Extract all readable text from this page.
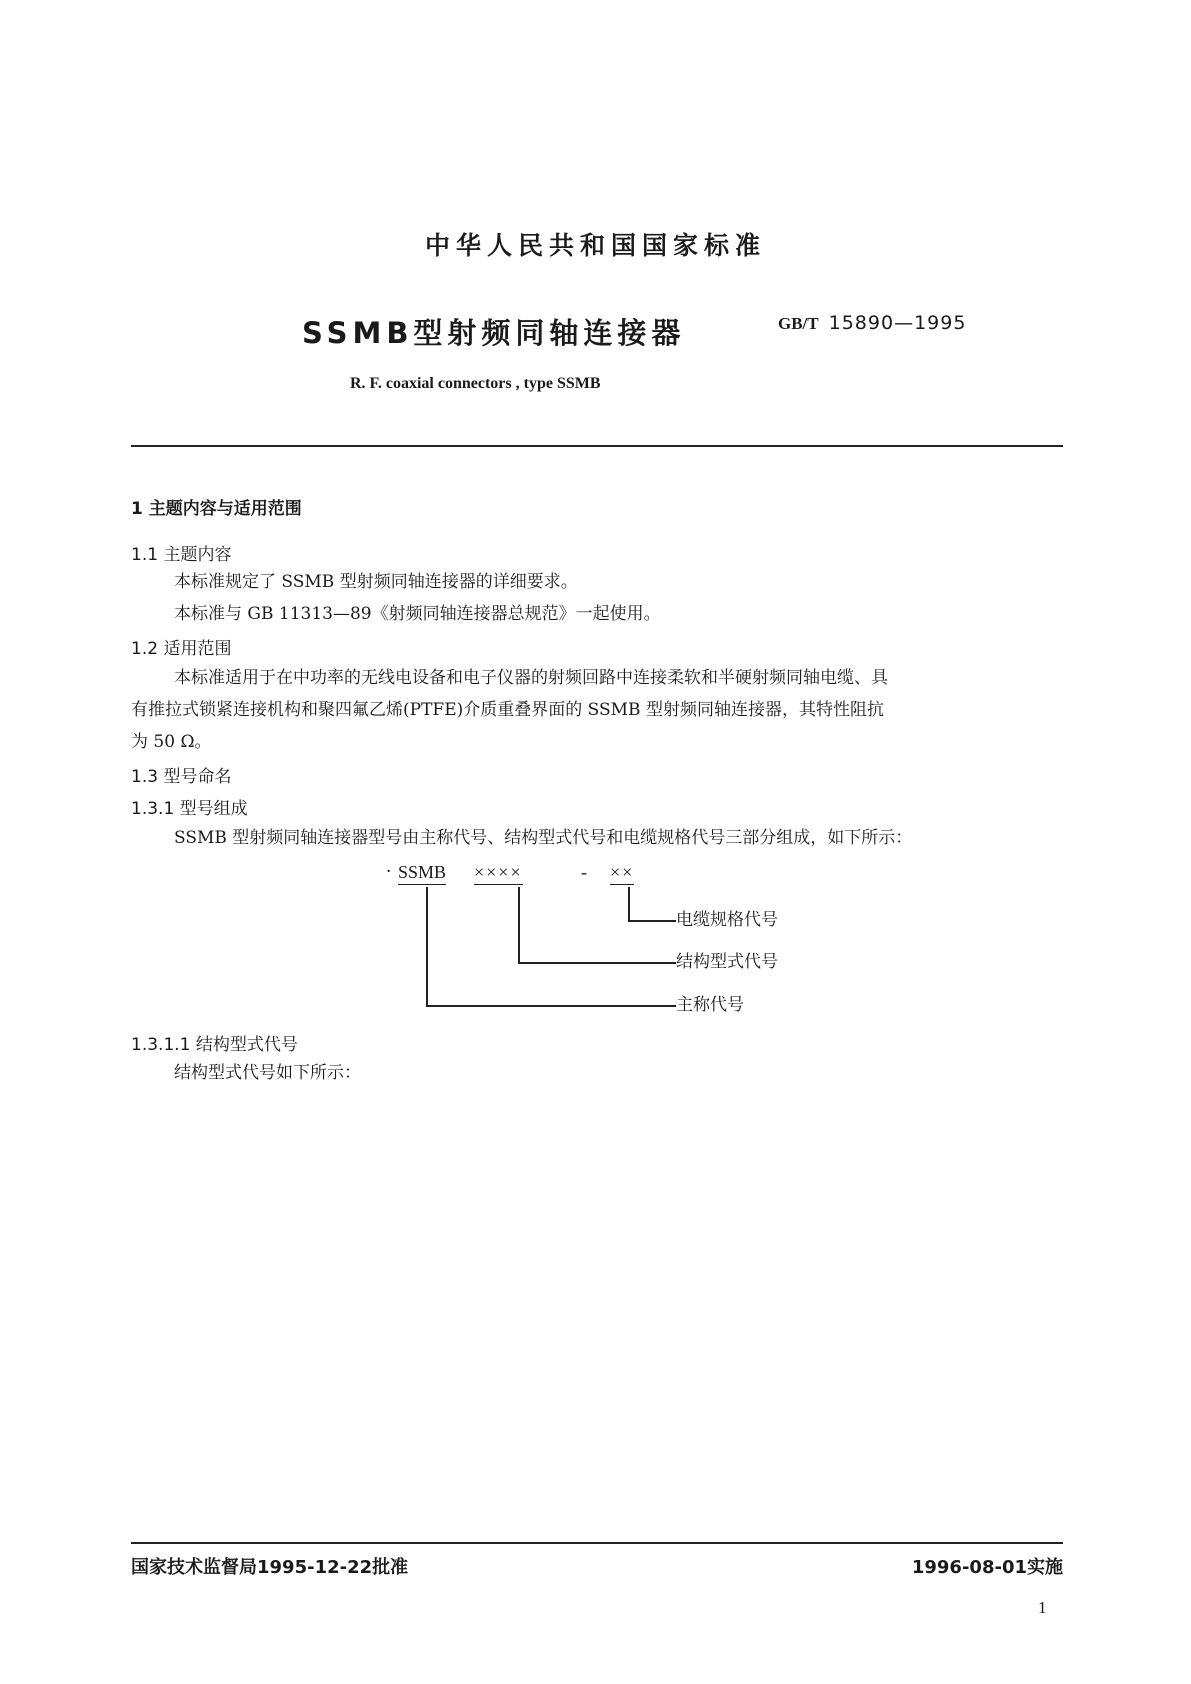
中华人民共和国国家标准
SSMB型射频同轴连接器	GB/T 15890—1995
R. F. coaxial connectors , type SSMB
1 主题内容与适用范围
1.1 主题内容
本标准规定了 SSMB 型射频同轴连接器的详细要求。
本标准与 GB 11313—89《射频同轴连接器总规范》一起使用。
1.2 适用范围
本标准适用于在中功率的无线电设备和电子仪器的射频回路中连接柔软和半硬射频同轴电缆、具
有推拉式锁紧连接机构和聚四氟乙烯(PTFE)介质重叠界面的 SSMB 型射频同轴连接器，其特性阻抗
为 50 Ω。
1.3 型号命名
1.3.1 型号组成
SSMB 型射频同轴连接器型号由主称代号、结构型式代号和电缆规格代号三部分组成，如下所示：
· SSMB ××××	- ××
电缆规格代号
结构型式代号
主称代号
1.3.1.1 结构型式代号
结构型式代号如下所示：
国家技术监督局1995-12-22批准	1996-08-01实施
1
